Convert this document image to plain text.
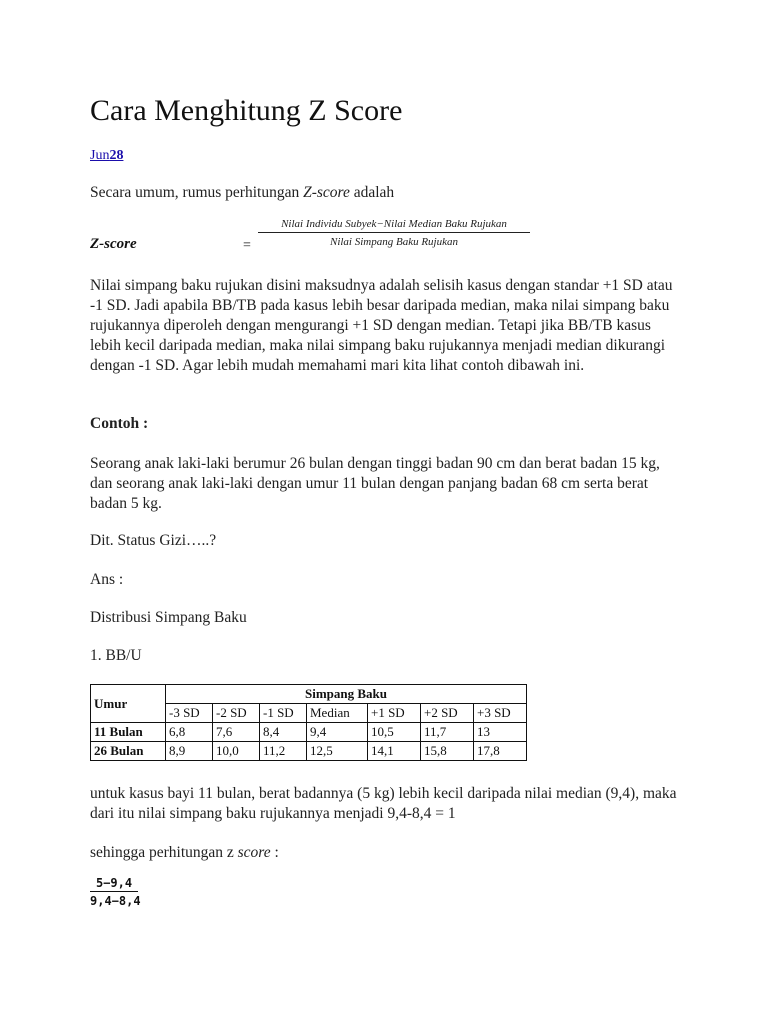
Cara Menghitung Z Score
Jun28

Secara umum, rumus perhitungan Z-score adalah

Z-score	=
Nilai Individu Subyek−Nilai Median Baku Rujukan
Nilai Simpang Baku Rujukan

Nilai simpang baku rujukan disini maksudnya adalah selisih kasus dengan standar +1 SD atau -1 SD. Jadi apabila BB/TB pada kasus lebih besar daripada median, maka nilai simpang baku rujukannya diperoleh dengan mengurangi +1 SD dengan median. Tetapi jika BB/TB kasus lebih kecil daripada median, maka nilai simpang baku rujukannya menjadi median dikurangi dengan -1 SD. Agar lebih mudah memahami mari kita lihat contoh dibawah ini.

Contoh :

Seorang anak laki-laki berumur 26 bulan dengan tinggi badan 90 cm dan berat badan 15 kg, dan seorang anak laki-laki dengan umur 11 bulan dengan panjang badan 68 cm serta berat badan 5 kg.

Dit. Status Gizi…..?

Ans :

Distribusi Simpang Baku

1. BB/U

Umur	Simpang Baku						
	-3 SD	-2 SD	-1 SD	Median	+1 SD	+2 SD	+3 SD
11 Bulan	6,8	7,6	8,4	9,4	10,5	11,7	13
26 Bulan	8,9	10,0	11,2	12,5	14,1	15,8	17,8

untuk kasus bayi 11 bulan, berat badannya (5 kg) lebih kecil daripada nilai median (9,4), maka dari itu nilai simpang baku rujukannya menjadi 9,4-8,4 = 1

sehingga perhitungan z score :

$\frac{5-9,4}{9,4-8,4}$
